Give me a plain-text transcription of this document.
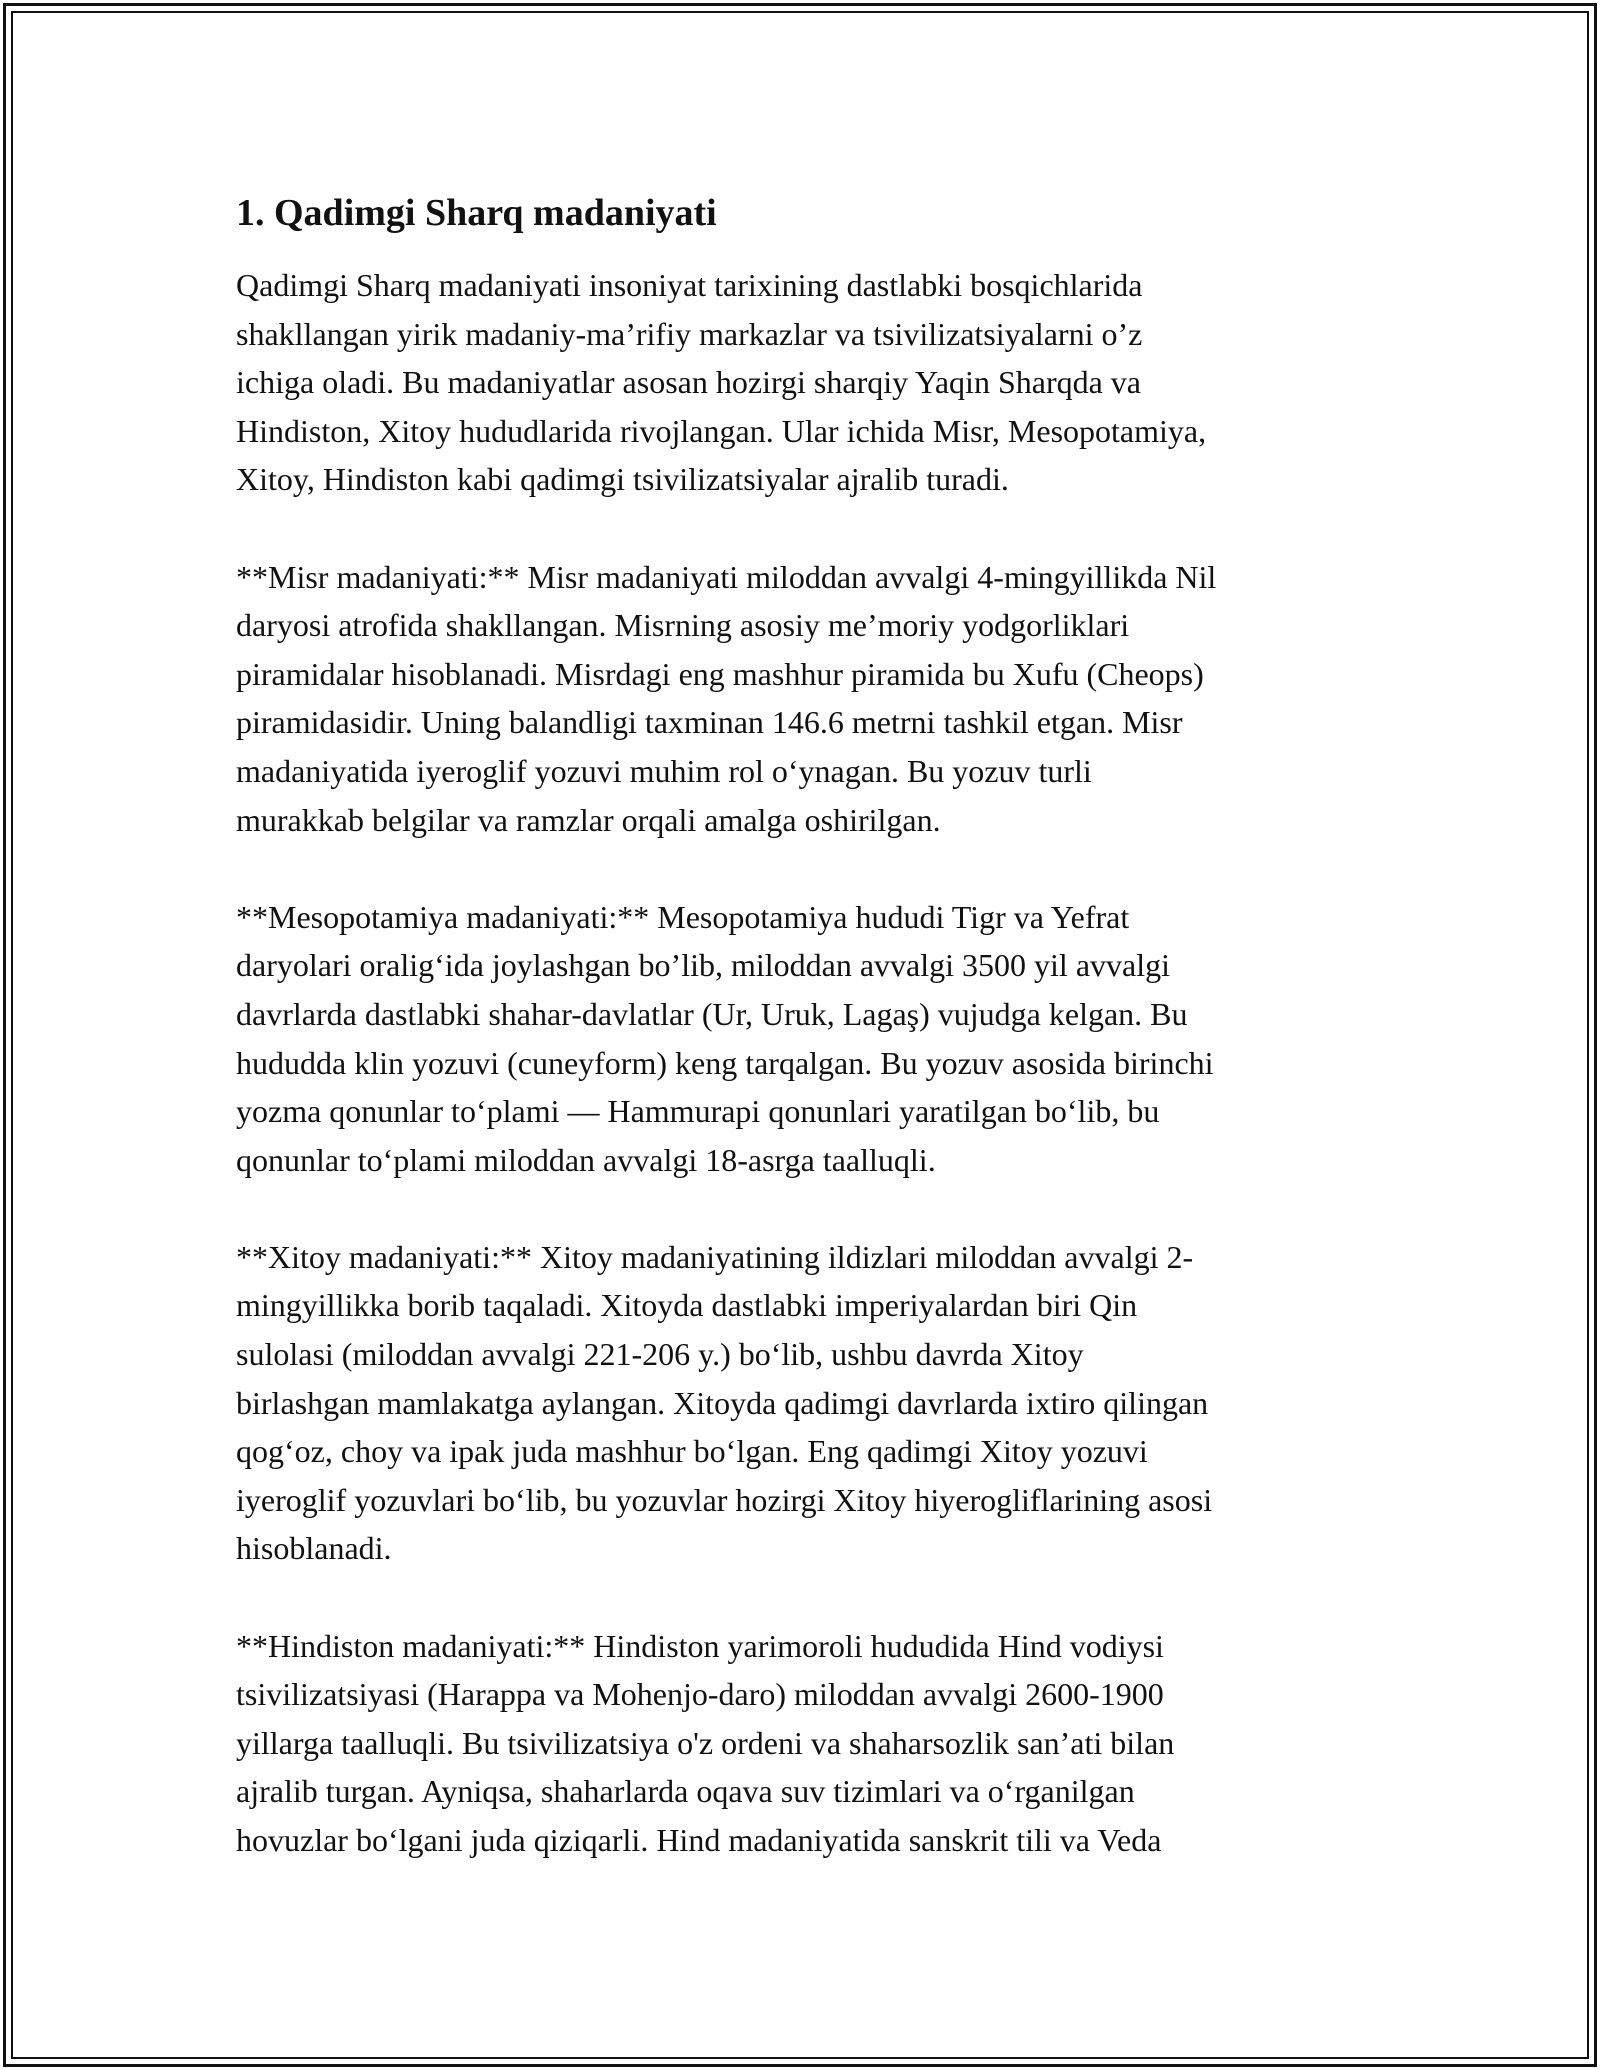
1. Qadimgi Sharq madaniyati

Qadimgi Sharq madaniyati insoniyat tarixining dastlabki bosqichlarida
shakllangan yirik madaniy-ma’rifiy markazlar va tsivilizatsiyalarni o’z
ichiga oladi. Bu madaniyatlar asosan hozirgi sharqiy Yaqin Sharqda va
Hindiston, Xitoy hududlarida rivojlangan. Ular ichida Misr, Mesopotamiya,
Xitoy, Hindiston kabi qadimgi tsivilizatsiyalar ajralib turadi.

**Misr madaniyati:** Misr madaniyati miloddan avvalgi 4-mingyillikda Nil
daryosi atrofida shakllangan. Misrning asosiy me’moriy yodgorliklari
piramidalar hisoblanadi. Misrdagi eng mashhur piramida bu Xufu (Cheops)
piramidasidir. Uning balandligi taxminan 146.6 metrni tashkil etgan. Misr
madaniyatida iyeroglif yozuvi muhim rol o‘ynagan. Bu yozuv turli
murakkab belgilar va ramzlar orqali amalga oshirilgan.

**Mesopotamiya madaniyati:** Mesopotamiya hududi Tigr va Yefrat
daryolari oralig‘ida joylashgan bo’lib, miloddan avvalgi 3500 yil avvalgi
davrlarda dastlabki shahar-davlatlar (Ur, Uruk, Lagaş) vujudga kelgan. Bu
hududda klin yozuvi (cuneyform) keng tarqalgan. Bu yozuv asosida birinchi
yozma qonunlar to‘plami — Hammurapi qonunlari yaratilgan bo‘lib, bu
qonunlar to‘plami miloddan avvalgi 18-asrga taalluqli.

**Xitoy madaniyati:** Xitoy madaniyatining ildizlari miloddan avvalgi 2-
mingyillikka borib taqaladi. Xitoyda dastlabki imperiyalardan biri Qin
sulolasi (miloddan avvalgi 221-206 y.) bo‘lib, ushbu davrda Xitoy
birlashgan mamlakatga aylangan. Xitoyda qadimgi davrlarda ixtiro qilingan
qog‘oz, choy va ipak juda mashhur bo‘lgan. Eng qadimgi Xitoy yozuvi
iyeroglif yozuvlari bo‘lib, bu yozuvlar hozirgi Xitoy hiyerogliflarining asosi
hisoblanadi.

**Hindiston madaniyati:** Hindiston yarimoroli hududida Hind vodiysi
tsivilizatsiyasi (Harappa va Mohenjo-daro) miloddan avvalgi 2600-1900
yillarga taalluqli. Bu tsivilizatsiya o'z ordeni va shaharsozlik san’ati bilan
ajralib turgan. Ayniqsa, shaharlarda oqava suv tizimlari va o‘rganilgan
hovuzlar bo‘lgani juda qiziqarli. Hind madaniyatida sanskrit tili va Veda
